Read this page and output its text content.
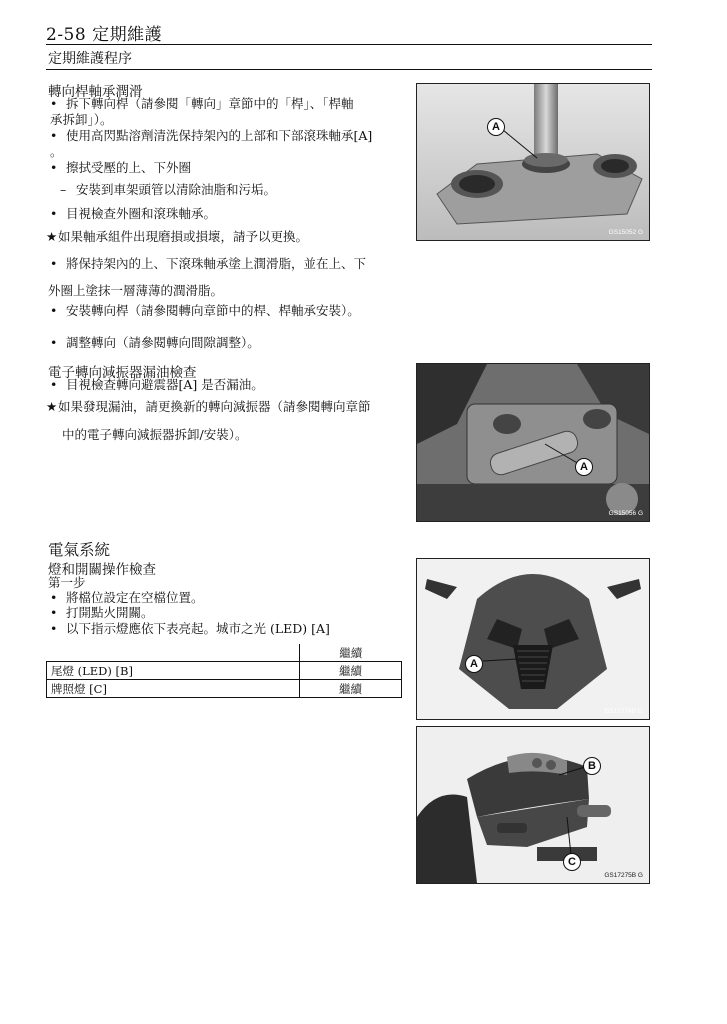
2-58 定期維護
定期維護程序
轉向桿軸承潤滑
• 拆下轉向桿（請參閱「轉向」章節中的「桿」、「桿軸
承拆卸」）。
• 使用高閃點溶劑清洗保持架內的上部和下部滾珠軸承[A]
。
• 擦拭受壓的上、下外圈
– 安裝到車架頭管以清除油脂和污垢。
• 目視檢查外圈和滾珠軸承。
★如果軸承組件出現磨損或損壞，請予以更換。
• 將保持架內的上、下滾珠軸承塗上潤滑脂，並在上、下
外圈上塗抹一層薄薄的潤滑脂。
• 安裝轉向桿（請參閱轉向章節中的桿、桿軸承安裝）。
• 調整轉向（請參閱轉向間隙調整）。
電子轉向減振器漏油檢查
• 目視檢查轉向避震器[A] 是否漏油。
★如果發現漏油，請更換新的轉向減振器（請參閱轉向章節
中的電子轉向減振器拆卸/安裝）。
電氣系統
燈和開關操作檢查
第一步
• 將檔位設定在空檔位置。
• 打開點火開關。
• 以下指示燈應依下表亮起。城市之光 (LED) [A]
	繼續
尾燈 (LED) [B]	繼續
牌照燈 [C]	繼續
A
GS15052 G
A
GS15056 G
A
GS17274B G
B
C
GS17275B G
